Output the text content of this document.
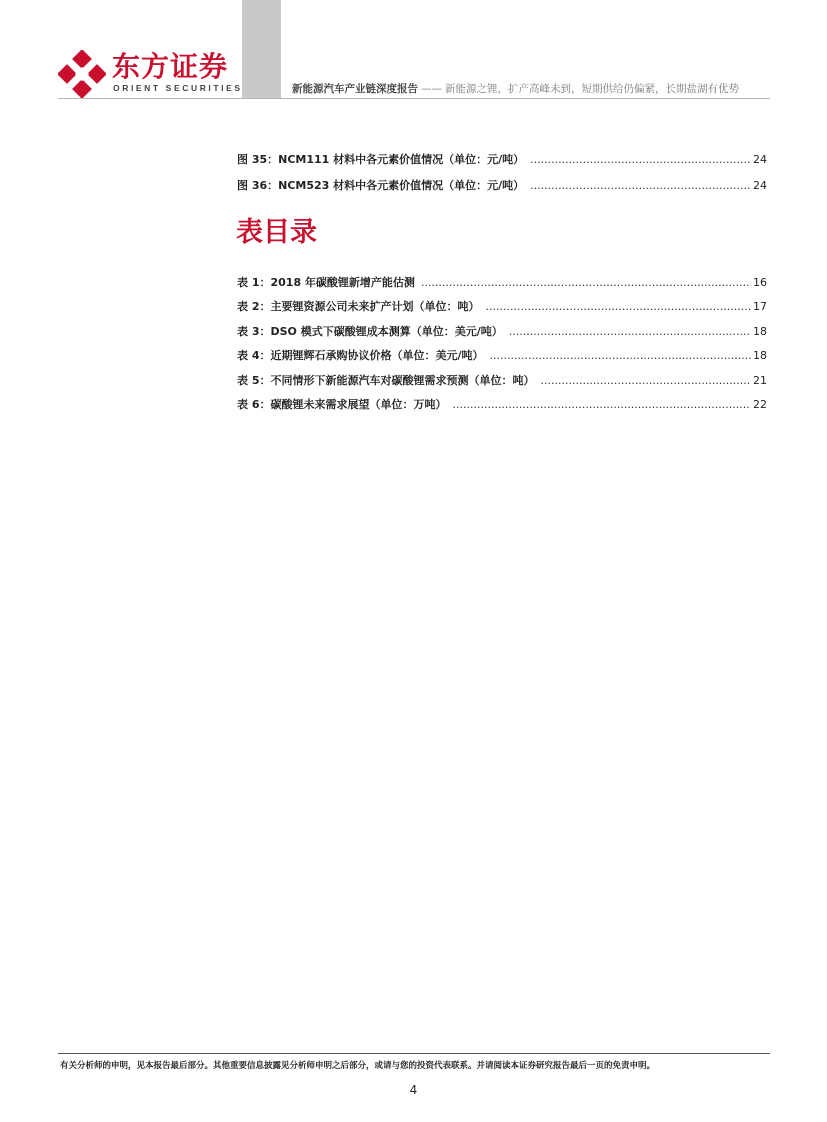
东方证券
ORIENT SECURITIES	新能源汽车产业链深度报告 —— 新能源之锂，扩产高峰未到，短期供给仍偏紧，长期盐湖有优势
图 35：NCM111 材料中各元素价值情况（单位：元/吨） .....	24
图 36：NCM523 材料中各元素价值情况（单位：元/吨） .....	24
表目录
表 1：2018 年碳酸锂新增产能估测 .....	16
表 2：主要锂资源公司未来扩产计划（单位：吨） .....	17
表 3：DSO 模式下碳酸锂成本测算（单位：美元/吨） .....	18
表 4：近期锂辉石承购协议价格（单位：美元/吨） .....	18
表 5：不同情形下新能源汽车对碳酸锂需求预测（单位：吨） .....	21
表 6：碳酸锂未来需求展望（单位：万吨） .....	22
有关分析师的申明，见本报告最后部分。其他重要信息披露见分析师申明之后部分，或请与您的投资代表联系。并请阅读本证券研究报告最后一页的免责申明。
4
